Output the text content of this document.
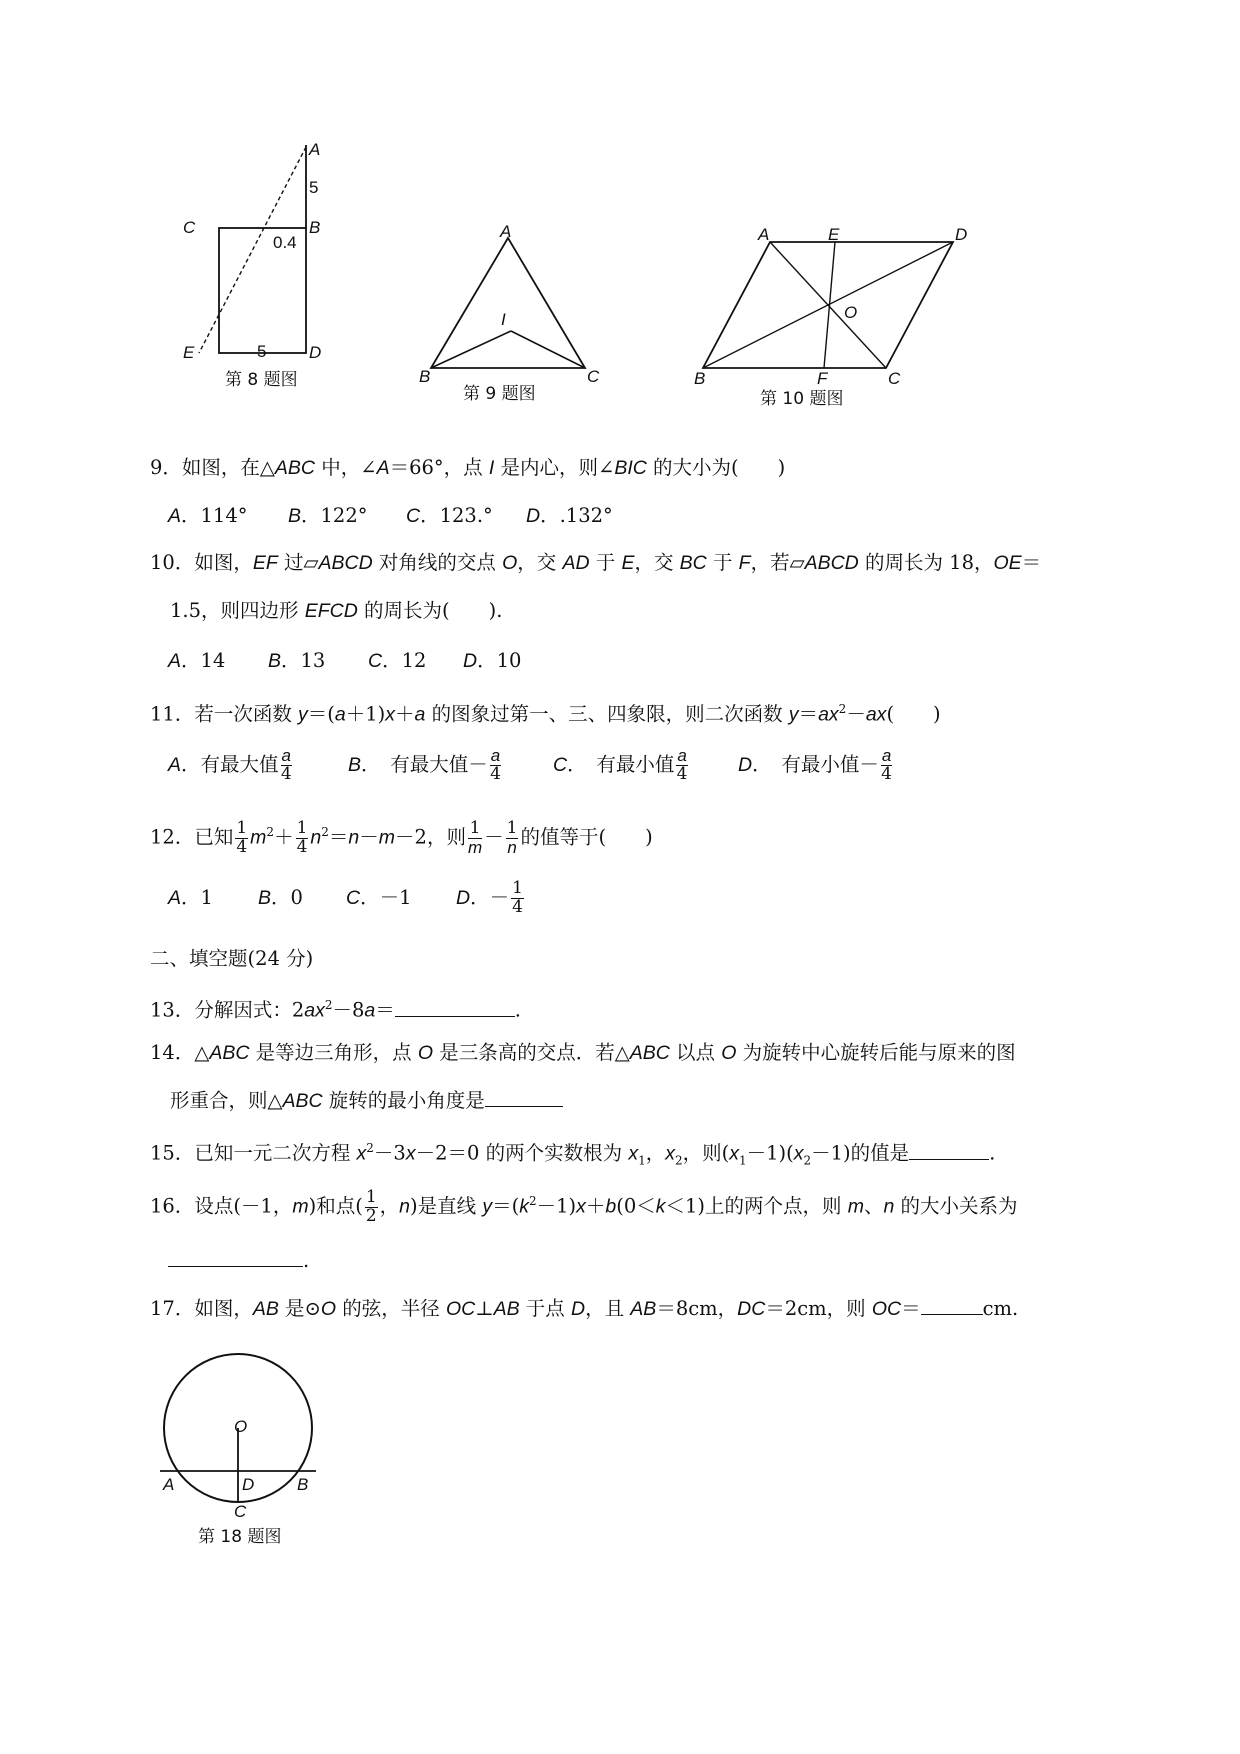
A
5
B
C
0.4
E	5	D
第 8 题图
A
I
B	C
第 9 题图
A	E	D
O
B	F	C
第 10 题图
9．如图，在△ABC 中，∠A＝66°，点 I 是内心，则∠BIC 的大小为(　　)
A．114° B．122° C．123.° D．.132°
10．如图，EF 过▱ABCD 对角线的交点 O，交 AD 于 E，交 BC 于 F，若▱ABCD 的周长为 18，OE＝
1.5，则四边形 EFCD 的周长为(　　).
A．14 B．13 C．12 D．10
11．若一次函数 y＝(a＋1)x＋a 的图象过第一、三、四象限，则二次函数 $y=ax^2-ax$(　　)
A．有最大值 $\frac{a}{4}$	B．　有最大值－ $\frac{a}{4}$	C．　有最小值 $\frac{a}{4}$	D．　有最小值－ $\frac{a}{4}$
12．已知 $\frac{1}{4} m^2+ \frac{1}{4} n^2=n-m-2$，则 $\frac{1}{m} - \frac{1}{n}$ 的值等于(　　)
A．1 B．0 C．－1 D．－ $\frac{1}{4}$
二、填空题(24 分)
13．分解因式：$2ax^2-8a=$	.
14．△ABC 是等边三角形，点 O 是三条高的交点．若△ABC 以点 O 为旋转中心旋转后能与原来的图
形重合，则△ABC 旋转的最小角度是
15．已知一元二次方程 $x^2-3x-2=0$ 的两个实数根为 $x_1$，$x_2$，则$(x_1-1)(x_2-1)$的值是	.
16．设点(－1，m)和点( $\frac{1}{2}$ ，n)是直线 $y=(k^2-1)x+b(0<k<1)$上的两个点，则 m、n 的大小关系为
.
17．如图，AB 是⊙O 的弦，半径 OC⊥AB 于点 D，且 AB＝8cm，DC＝2cm，则 OC＝	cm.
O
A	D	B
C
第 18 题图
